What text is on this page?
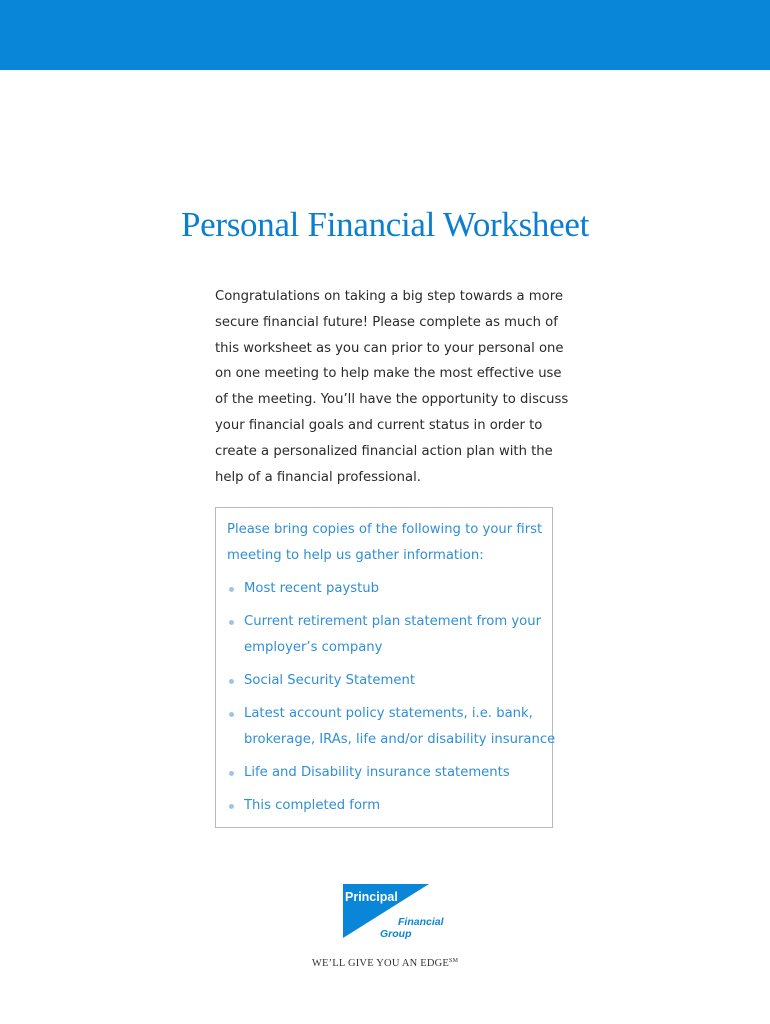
Personal Financial Worksheet
Congratulations on taking a big step towards a more
secure financial future! Please complete as much of
this worksheet as you can prior to your personal one
on one meeting to help make the most effective use
of the meeting. You’ll have the opportunity to discuss
your financial goals and current status in order to
create a personalized financial action plan with the
help of a financial professional.
Please bring copies of the following to your first
meeting to help us gather information:
Most recent paystub
Current retirement plan statement from your
employer’s company
Social Security Statement
Latest account policy statements, i.e. bank,
brokerage, IRAs, life and/or disability insurance
Life and Disability insurance statements
This completed form
Principal
Financial
Group
WE’LL GIVE YOU AN EDGE℠
